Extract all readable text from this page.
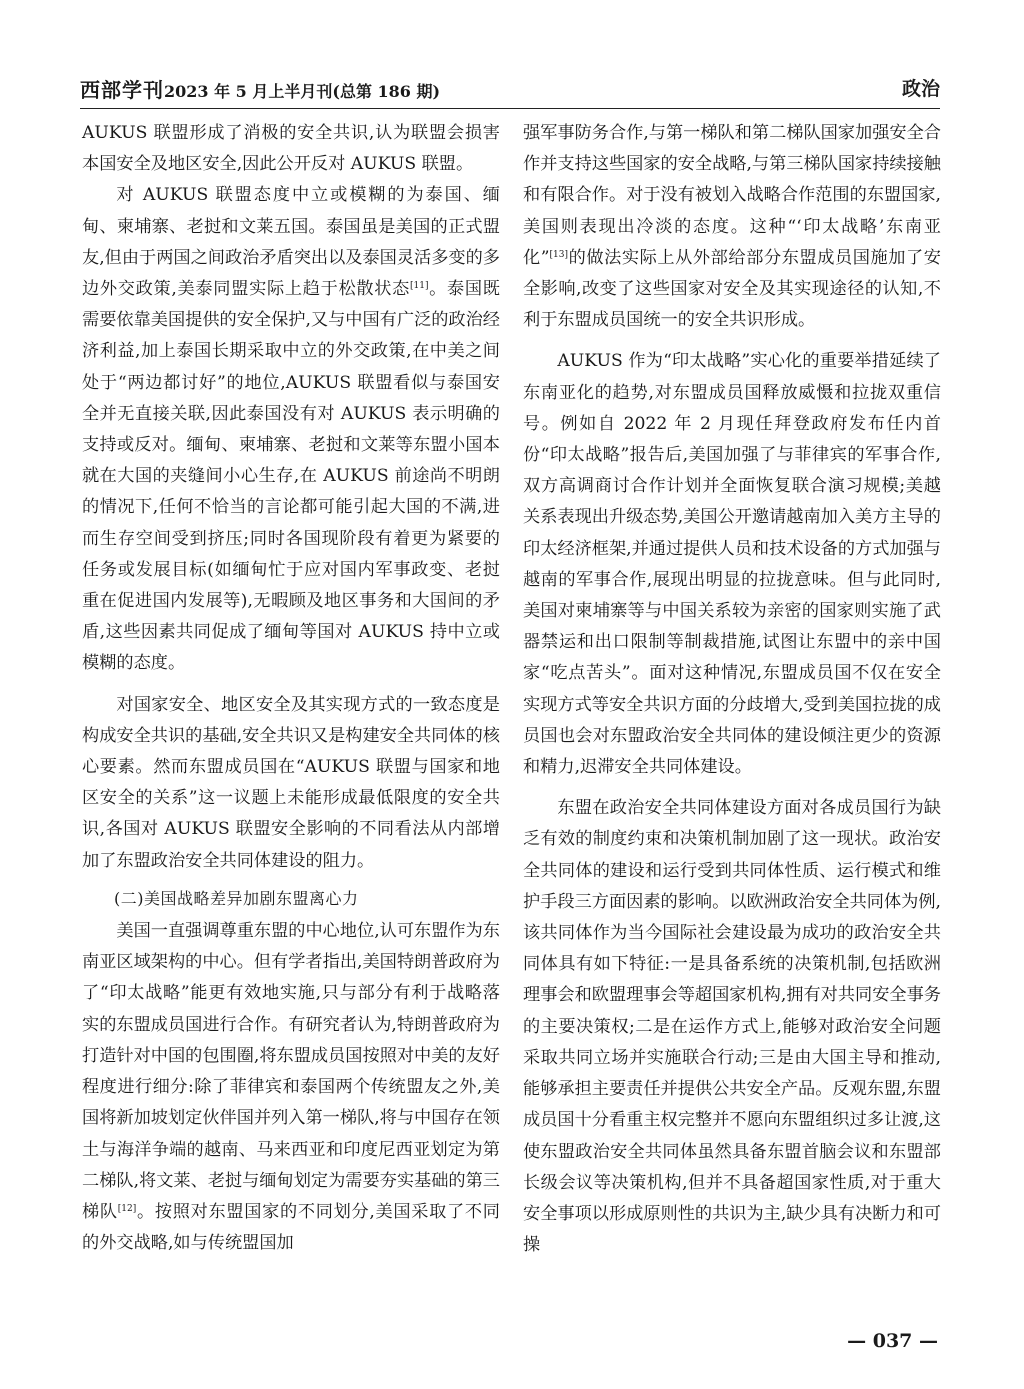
西部学刊2023 年 5 月上半月刊(总第 186 期)	政治

AUKUS 联盟形成了消极的安全共识,认为联盟会损害本国安全及地区安全,因此公开反对 AUKUS 联盟。

对 AUKUS 联盟态度中立或模糊的为泰国、缅甸、柬埔寨、老挝和文莱五国。泰国虽是美国的正式盟友,但由于两国之间政治矛盾突出以及泰国灵活多变的多边外交政策,美泰同盟实际上趋于松散状态[11]。泰国既需要依靠美国提供的安全保护,又与中国有广泛的政治经济利益,加上泰国长期采取中立的外交政策,在中美之间处于“两边都讨好”的地位,AUKUS 联盟看似与泰国安全并无直接关联,因此泰国没有对 AUKUS 表示明确的支持或反对。缅甸、柬埔寨、老挝和文莱等东盟小国本就在大国的夹缝间小心生存,在 AUKUS 前途尚不明朗的情况下,任何不恰当的言论都可能引起大国的不满,进而生存空间受到挤压;同时各国现阶段有着更为紧要的任务或发展目标(如缅甸忙于应对国内军事政变、老挝重在促进国内发展等),无暇顾及地区事务和大国间的矛盾,这些因素共同促成了缅甸等国对 AUKUS 持中立或模糊的态度。

对国家安全、地区安全及其实现方式的一致态度是构成安全共识的基础,安全共识又是构建安全共同体的核心要素。然而东盟成员国在“AUKUS 联盟与国家和地区安全的关系”这一议题上未能形成最低限度的安全共识,各国对 AUKUS 联盟安全影响的不同看法从内部增加了东盟政治安全共同体建设的阻力。

(二)美国战略差异加剧东盟离心力

美国一直强调尊重东盟的中心地位,认可东盟作为东南亚区域架构的中心。但有学者指出,美国特朗普政府为了“印太战略”能更有效地实施,只与部分有利于战略落实的东盟成员国进行合作。有研究者认为,特朗普政府为打造针对中国的包围圈,将东盟成员国按照对中美的友好程度进行细分:除了菲律宾和泰国两个传统盟友之外,美国将新加坡划定伙伴国并列入第一梯队,将与中国存在领土与海洋争端的越南、马来西亚和印度尼西亚划定为第二梯队,将文莱、老挝与缅甸划定为需要夯实基础的第三梯队[12]。按照对东盟国家的不同划分,美国采取了不同的外交战略,如与传统盟国加

强军事防务合作,与第一梯队和第二梯队国家加强安全合作并支持这些国家的安全战略,与第三梯队国家持续接触和有限合作。对于没有被划入战略合作范围的东盟国家,美国则表现出冷淡的态度。这种“‘印太战略’东南亚化”[13]的做法实际上从外部给部分东盟成员国施加了安全影响,改变了这些国家对安全及其实现途径的认知,不利于东盟成员国统一的安全共识形成。

AUKUS 作为“印太战略”实心化的重要举措延续了东南亚化的趋势,对东盟成员国释放威慑和拉拢双重信号。例如自 2022 年 2 月现任拜登政府发布任内首份“印太战略”报告后,美国加强了与菲律宾的军事合作,双方高调商讨合作计划并全面恢复联合演习规模;美越关系表现出升级态势,美国公开邀请越南加入美方主导的印太经济框架,并通过提供人员和技术设备的方式加强与越南的军事合作,展现出明显的拉拢意味。但与此同时,美国对柬埔寨等与中国关系较为亲密的国家则实施了武器禁运和出口限制等制裁措施,试图让东盟中的亲中国家“吃点苦头”。面对这种情况,东盟成员国不仅在安全实现方式等安全共识方面的分歧增大,受到美国拉拢的成员国也会对东盟政治安全共同体的建设倾注更少的资源和精力,迟滞安全共同体建设。

东盟在政治安全共同体建设方面对各成员国行为缺乏有效的制度约束和决策机制加剧了这一现状。政治安全共同体的建设和运行受到共同体性质、运行模式和维护手段三方面因素的影响。以欧洲政治安全共同体为例,该共同体作为当今国际社会建设最为成功的政治安全共同体具有如下特征:一是具备系统的决策机制,包括欧洲理事会和欧盟理事会等超国家机构,拥有对共同安全事务的主要决策权;二是在运作方式上,能够对政治安全问题采取共同立场并实施联合行动;三是由大国主导和推动,能够承担主要责任并提供公共安全产品。反观东盟,东盟成员国十分看重主权完整并不愿向东盟组织过多让渡,这使东盟政治安全共同体虽然具备东盟首脑会议和东盟部长级会议等决策机构,但并不具备超国家性质,对于重大安全事项以形成原则性的共识为主,缺少具有决断力和可操

— 037 —
